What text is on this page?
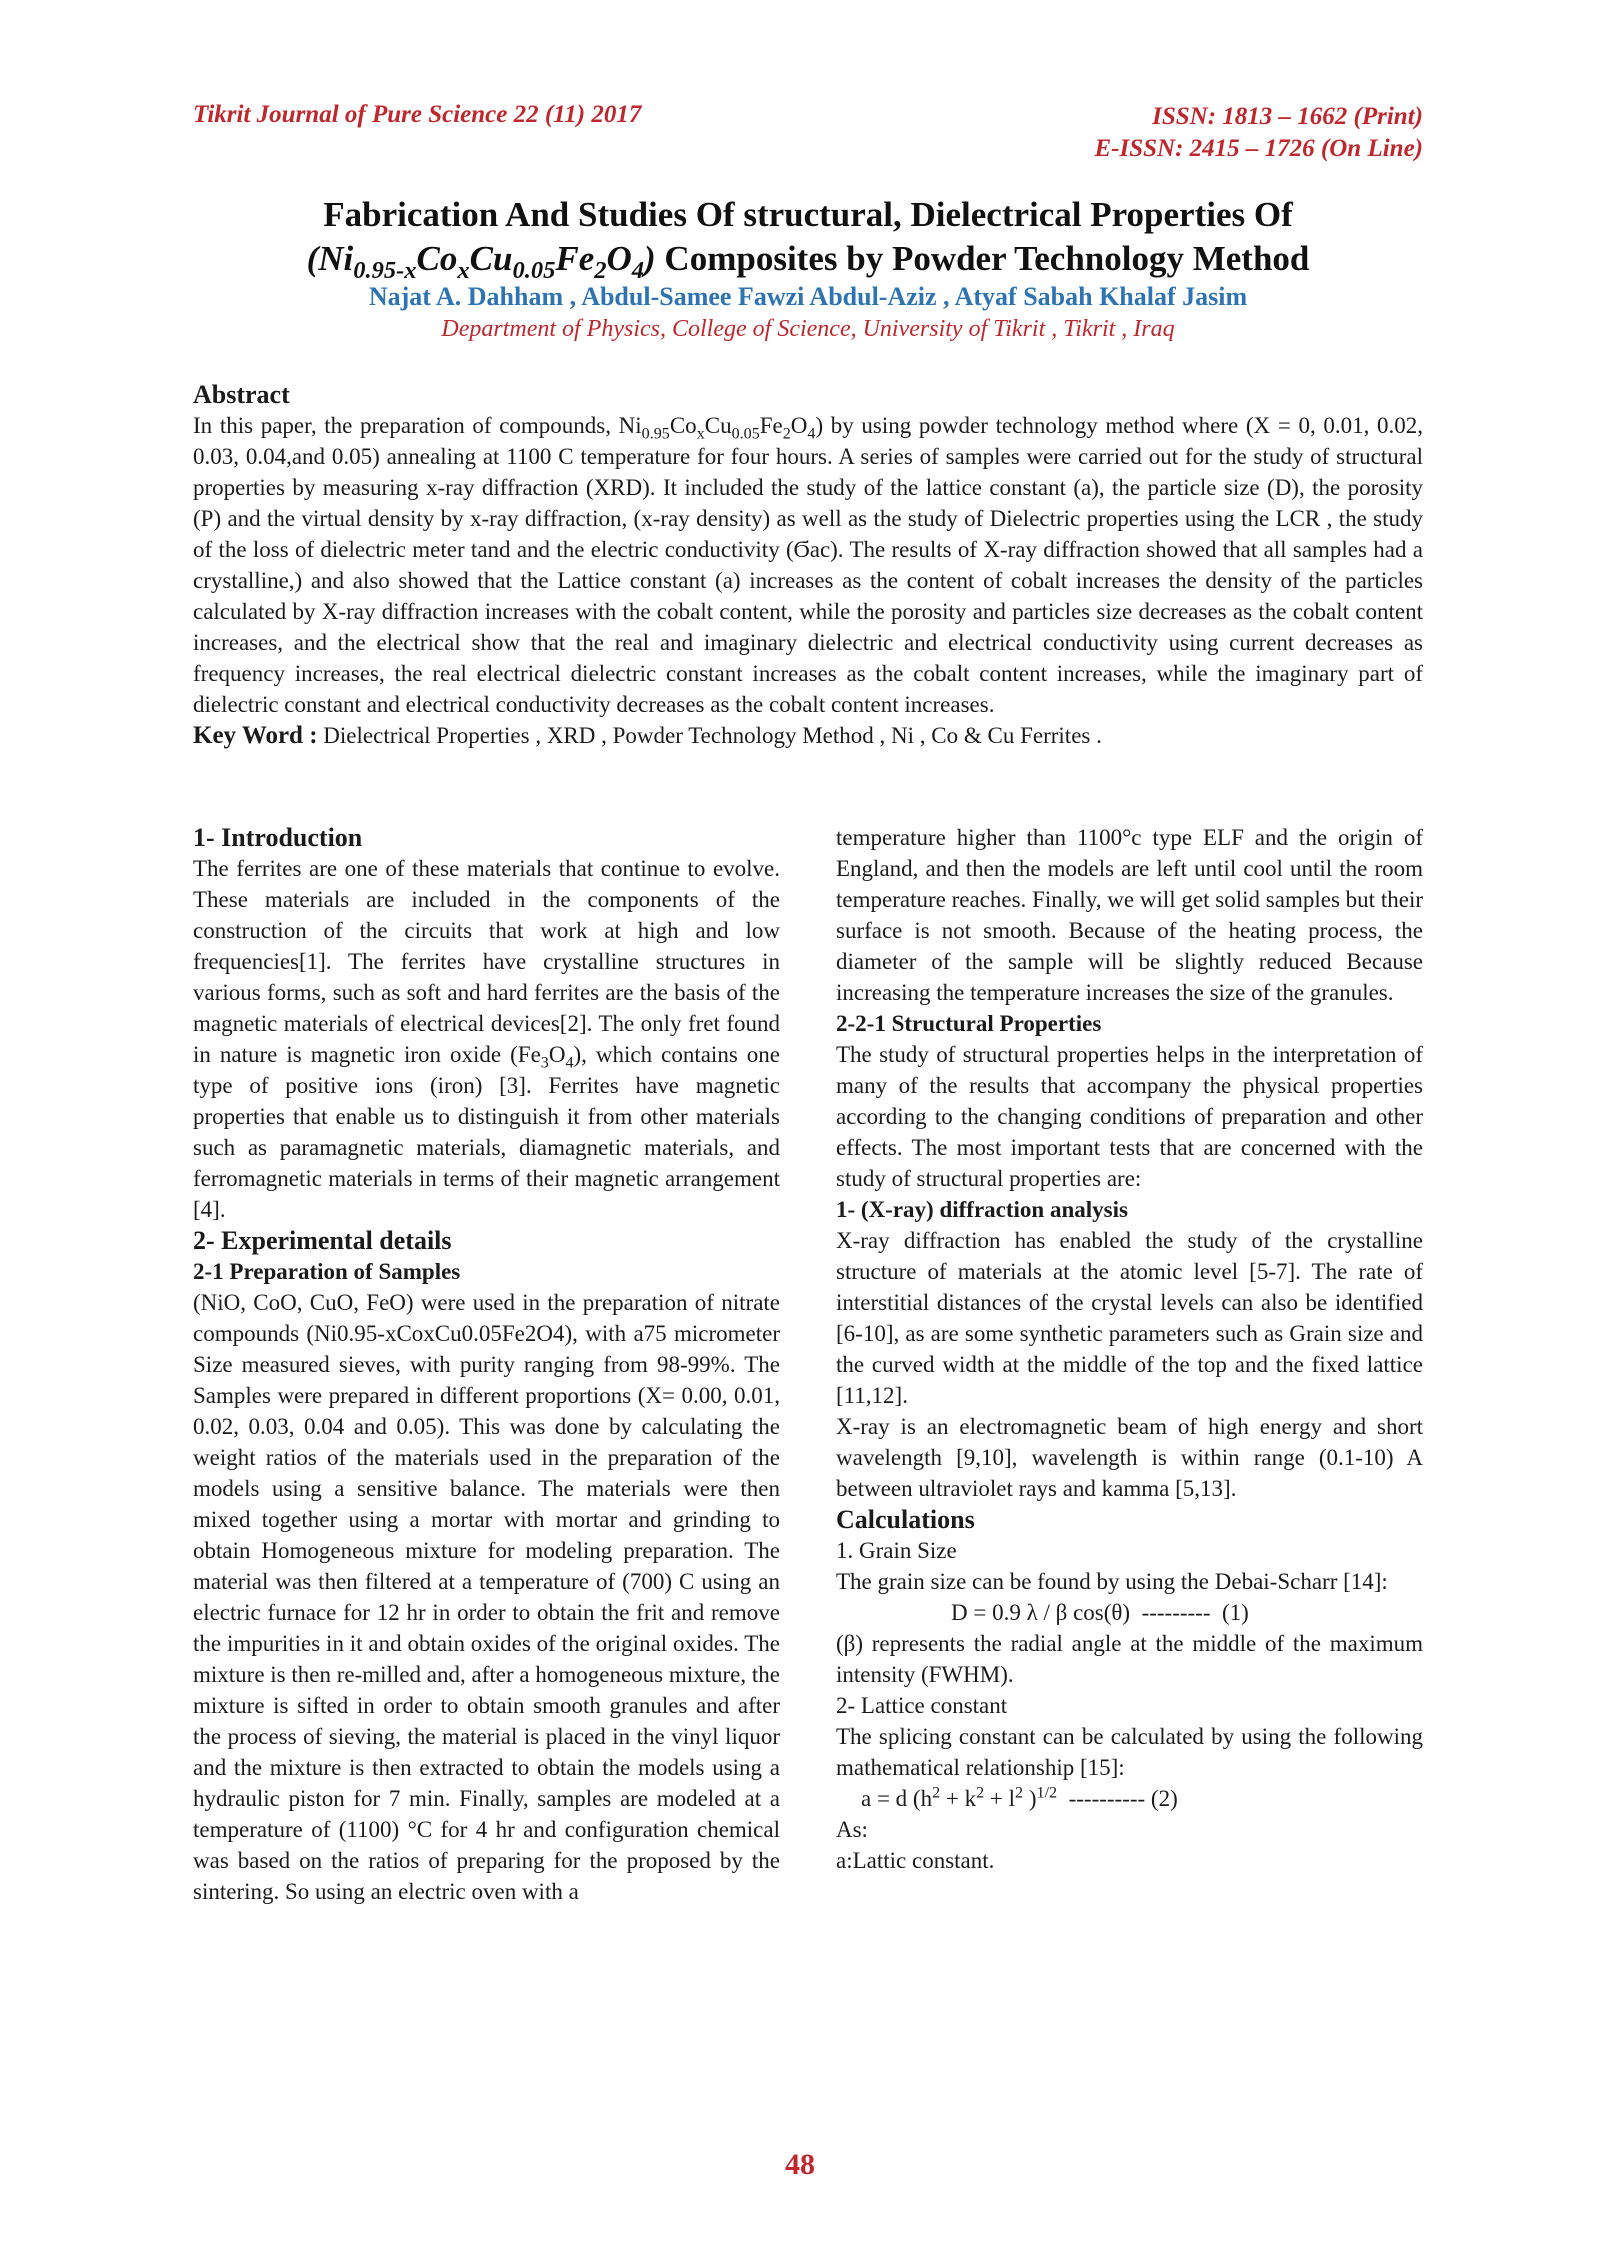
Tikrit Journal of Pure Science 22 (11) 2017	ISSN: 1813 – 1662 (Print)
E-ISSN: 2415 – 1726 (On Line)
Fabrication And Studies Of structural, Dielectrical Properties Of
$(Ni_{0.95-x}Co_xCu_{0.05}Fe_2O_4)$ Composites by Powder Technology Method
Najat A. Dahham , Abdul-Samee Fawzi Abdul-Aziz , Atyaf Sabah Khalaf Jasim
Department of Physics, College of Science, University of Tikrit , Tikrit , Iraq
Abstract

In this paper, the preparation of compounds, $Ni_{0.95}Co_xCu_{0.05}Fe_2O_4$) by using powder technology method where (X = 0, 0.01, 0.02, 0.03, 0.04,and 0.05) annealing at 1100 C temperature for four hours. A series of samples were carried out for the study of structural properties by measuring x-ray diffraction (XRD). It included the study of the lattice constant (a), the particle size (D), the porosity (P) and the virtual density by x-ray diffraction, (x-ray density) as well as the study of Dielectric properties using the LCR , the study of the loss of dielectric meter tand and the electric conductivity (Ϭac). The results of X-ray diffraction showed that all samples had a crystalline,) and also showed that the Lattice constant (a) increases as the content of cobalt increases the density of the particles calculated by X-ray diffraction increases with the cobalt content, while the porosity and particles size decreases as the cobalt content increases, and the electrical show that the real and imaginary dielectric and electrical conductivity using current decreases as frequency increases, the real electrical dielectric constant increases as the cobalt content increases, while the imaginary part of dielectric constant and electrical conductivity decreases as the cobalt content increases.

Key Word : Dielectrical Properties , XRD , Powder Technology Method , Ni , Co & Cu Ferrites .
1- Introduction

The ferrites are one of these materials that continue to evolve. These materials are included in the components of the construction of the circuits that work at high and low frequencies[1]. The ferrites have crystalline structures in various forms, such as soft and hard ferrites are the basis of the magnetic materials of electrical devices[2]. The only fret found in nature is magnetic iron oxide $(Fe_3O_4)$, which contains one type of positive ions (iron) [3]. Ferrites have magnetic properties that enable us to distinguish it from other materials such as paramagnetic materials, diamagnetic materials, and ferromagnetic materials in terms of their magnetic arrangement [4].

2- Experimental details
2-1 Preparation of Samples

(NiO, CoO, CuO, FeO) were used in the preparation of nitrate compounds (Ni0.95-xCoxCu0.05Fe2O4), with a75 micrometer Size measured sieves, with purity ranging from 98-99%. The Samples were prepared in different proportions (X= 0.00, 0.01, 0.02, 0.03, 0.04 and 0.05). This was done by calculating the weight ratios of the materials used in the preparation of the models using a sensitive balance. The materials were then mixed together using a mortar with mortar and grinding to obtain Homogeneous mixture for modeling preparation. The material was then filtered at a temperature of (700) C using an electric furnace for 12 hr in order to obtain the frit and remove the impurities in it and obtain oxides of the original oxides. The mixture is then re-milled and, after a homogeneous mixture, the mixture is sifted in order to obtain smooth granules and after the process of sieving, the material is placed in the vinyl liquor and the mixture is then extracted to obtain the models using a hydraulic piston for 7 min. Finally, samples are modeled at a temperature of (1100) °C for 4 hr and configuration chemical was based on the ratios of preparing for the proposed by the sintering. So using an electric oven with a

temperature higher than 1100°c type ELF and the origin of England, and then the models are left until cool until the room temperature reaches. Finally, we will get solid samples but their surface is not smooth. Because of the heating process, the diameter of the sample will be slightly reduced Because increasing the temperature increases the size of the granules.

2-2-1 Structural Properties

The study of structural properties helps in the interpretation of many of the results that accompany the physical properties according to the changing conditions of preparation and other effects. The most important tests that are concerned with the study of structural properties are:

1- (X-ray) diffraction analysis

X-ray diffraction has enabled the study of the crystalline structure of materials at the atomic level [5-7]. The rate of interstitial distances of the crystal levels can also be identified [6-10], as are some synthetic parameters such as Grain size and the curved width at the middle of the top and the fixed lattice [11,12].

X-ray is an electromagnetic beam of high energy and short wavelength [9,10], wavelength is within range (0.1-10) A between ultraviolet rays and kamma [5,13].

Calculations
1. Grain Size

The grain size can be found by using the Debai-Scharr [14]:

D = 0.9 λ / β cos(θ)  ---------  (1)

(β) represents the radial angle at the middle of the maximum intensity (FWHM).

2- Lattice constant

The splicing constant can be calculated by using the following mathematical relationship [15]:

a = d ($h^2 + k^2 + l^2$ )$^{1/2}$  ---------- (2)
As:
a:Lattic constant.
48
